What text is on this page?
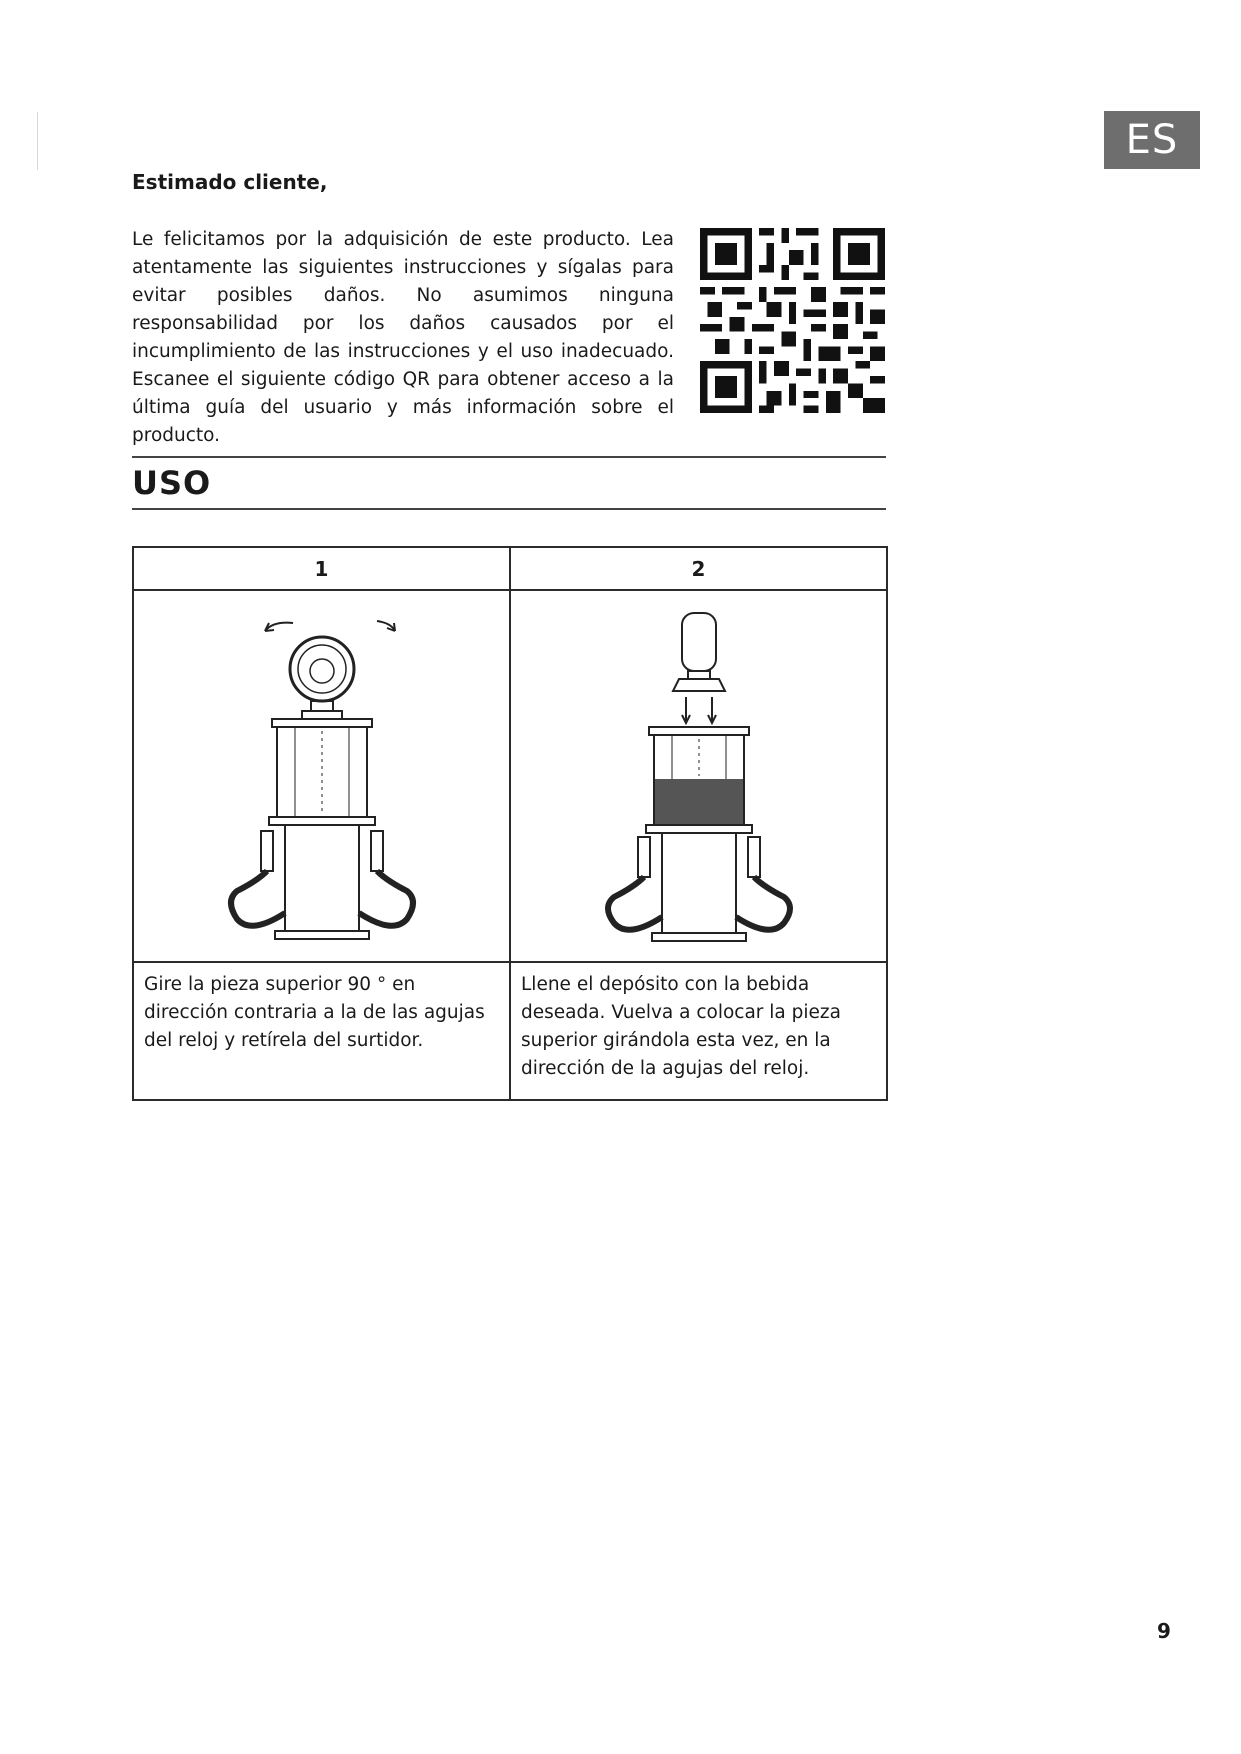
ES
Estimado cliente,

Le felicitamos por la adquisición de este producto. Lea atentamente las siguientes instrucciones y sígalas para evitar posibles daños. No asumimos ninguna responsabilidad por los daños causados por el incumplimiento de las instrucciones y el uso inadecuado. Escanee el siguiente código QR para obtener acceso a la última guía del usuario y más información sobre el producto.

USO
1	2

Gire la pieza superior 90 ° en dirección contraria a la de las agujas del reloj y retírela del surtidor.	Llene el depósito con la bebida deseada. Vuelva a colocar la pieza superior girándola esta vez, en la dirección de la agujas del reloj.
9
